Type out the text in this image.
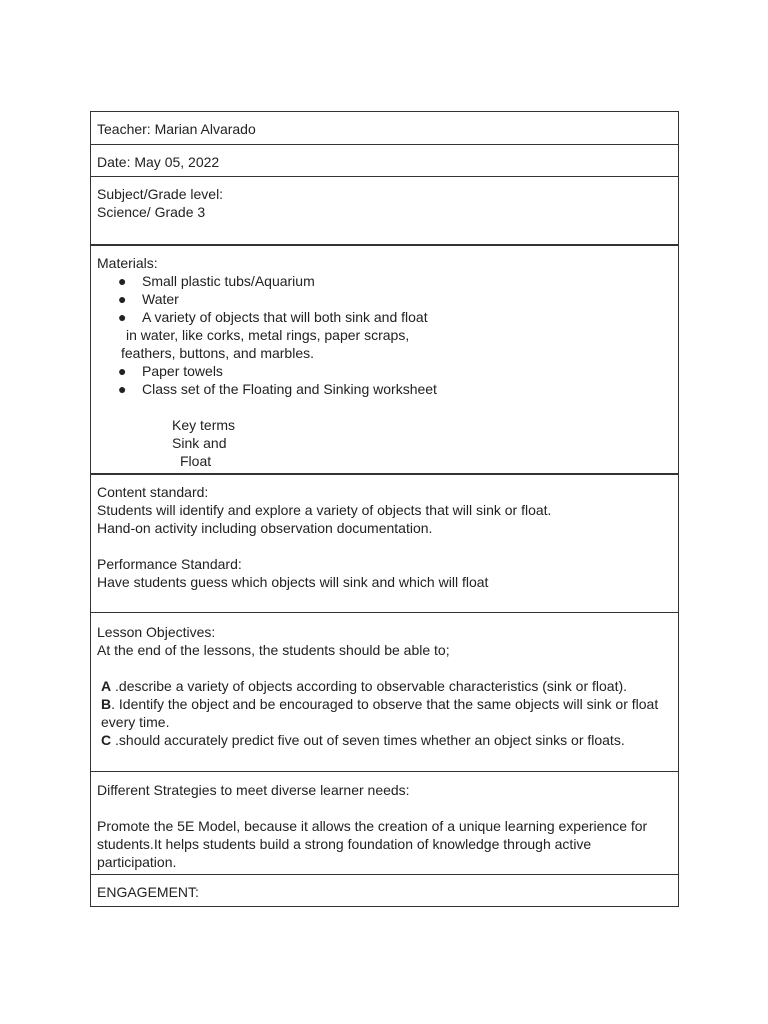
Teacher: Marian Alvarado
Date: May 05, 2022
Subject/Grade level:
Science/ Grade 3
Materials:
● Small plastic tubs/Aquarium
● Water
● A variety of objects that will both sink and float
in water, like corks, metal rings, paper scraps,
feathers, buttons, and marbles.
● Paper towels
● Class set of the Floating and Sinking worksheet
Key terms
Sink and
Float
Content standard:
Students will identify and explore a variety of objects that will sink or float.
Hand-on activity including observation documentation.
Performance Standard:
Have students guess which objects will sink and which will float
Lesson Objectives:
At the end of the lessons, the students should be able to;
A .describe a variety of objects according to observable characteristics (sink or float).
B. Identify the object and be encouraged to observe that the same objects will sink or float every time.
C .should accurately predict five out of seven times whether an object sinks or floats.
Different Strategies to meet diverse learner needs:
Promote the 5E Model, because it allows the creation of a unique learning experience for students.It helps students build a strong foundation of knowledge through active participation.
ENGAGEMENT:
